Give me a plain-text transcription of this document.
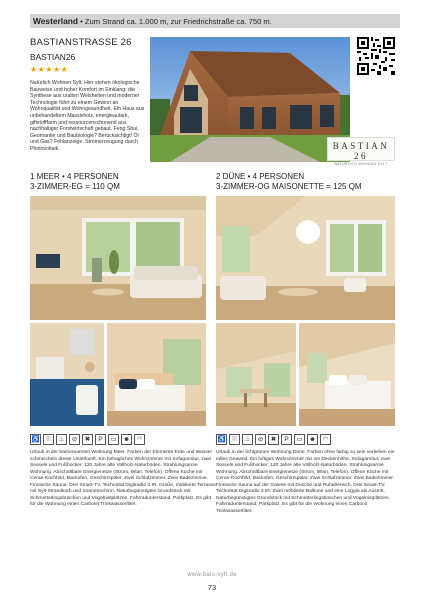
Westerland • Zum Strand ca. 1.000 m, zur Friedrichstraße ca. 750 m.
BASTIANSTRASSE 26
BASTIAN26
★★★★★
Natürlich Wohnen Sylt. Hier stehen ökologische Bauweise und hoher Komfort im Einklang: die Synthese aus uralten Weisheiten und moderner Technologie führt zu einem Gewinn an Wohnqualität und Wohngesundheit. Ein Haus aus unbehandeltem Massivholz, energieautark, giftstofffarm und ressourcenschonend aus nachhaltiger Forstwirtschaft gebaut. Feng Shui, Geomantie und Baubiologie? Berücksichtigt! Öl und Gas? Fehlanzeige. Stromerzeugung durch Photovoltaik.	BASTIAN 26
NATÜRLICH WOHNEN SYLT
1 MEER • 4 PERSONEN
3-ZIMMER-EG = 110 QM
♿ ⛆	♨	⊘	✖	P	▭	☻	◠
Urlaub in der barrierearmen Wohnung Meer. Farben der Elemente Erde und Wasser schmeicheln dieser Unterkunft. Ein behagliches Wohnzimmer mit Sofagarnitur, zwei Sesseln und Fußhocker. 120 Jahre alte Vollholz-Naturböden. Strahlungsarme Wohnung. Abschaltbare Energienetze (Strom, Wlan, Telefon). Offene Küche mit Ceran-Kochfeld, Backofen, Geschirrspüler. Zwei Schlafzimmer. Zwei Badezimmer. Finnische Sauna. Drei Smart-TV. TechniSat Digitradio 3 IR. Große, möblierte Terrasse mit Sylt-Strandkorb und Sonnenschirm. Naturbegünstigtes Grundstück mit Schmetterlingsbüschen und Vogelnistplätzen. Fahrradunterstand. Parkplatz. Es gibt für die Wohnung einen Carbonit Trinkwasserfilter.
2 DÜNE • 4 PERSONEN
3-ZIMMER-OG MAISONETTE = 125 QM
♿ ⛆	♨	⊘	✖	P	▭	☻	◠
Urlaub in der lichtgrünen Wohnung Düne. Farben ohne farbig zu sein verleihen ein edles Gewand. Ein luftiges Wohnzimmer mit 4m Deckenhöhe, Sofagarnitur, zwei Sesseln und Fußhocker. 120 Jahre alte Vollholz-Naturböden. Strahlungsarme Wohnung. Abschaltbare Energienetze (Strom, Wlan, Telefon). Offene Küche mit Ceran-Kochfeld, Backofen, Geschirrspüler. Zwei Schlafzimmer. Zwei Badezimmer. Finnische Sauna auf der Galerie mit Dusche und Ruhebereich. Drei Smart-TV. TechniSat Digitradio 3 IR. Zwei möblierte Balkone und eine Loggia als Austritt. Naturbegünstigtes Grundstück mit Schmetterlingsbüschen und Vogelnistplätzen. Fahrradunterstand. Parkplatz. Es gibt für die Wohnung einen Carbonit Trinkwasserfilter.
www.bals-sylt.de
73
